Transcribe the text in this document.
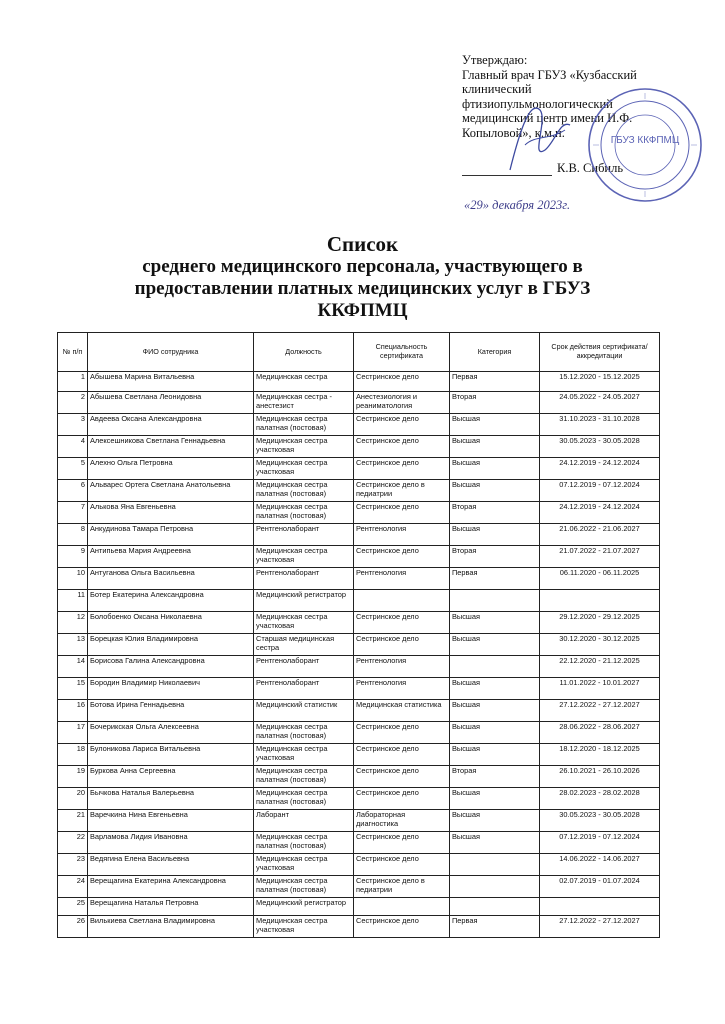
Утверждаю:
Главный врач ГБУЗ «Кузбасский
клинический
фтизиопульмонологический
медицинский центр имени И.Ф.
Копыловой», к.м.н.
К.В. Сибиль
«29» декабря 2023г.
ГБУЗ ККФПМЦ
Список
среднего медицинского персонала, участвующего в
предоставлении платных медицинских услуг в ГБУЗ
ККФПМЦ
№ п/п	ФИО сотрудника	Должность	Специальность сертификата	Категория	Срок действия сертификата/аккредитации
1	Абышева Марина Витальевна	Медицинская сестра	Сестринское дело	Первая	15.12.2020 - 15.12.2025
2	Абышева Светлана Леонидовна	Медицинская сестра - анестезист	Анестезиология и реаниматология	Вторая	24.05.2022 - 24.05.2027
3	Авдеева Оксана Александровна	Медицинская сестра палатная (постовая)	Сестринское дело	Высшая	31.10.2023 - 31.10.2028
4	Алексешникова Светлана Геннадьевна	Медицинская сестра участковая	Сестринское дело	Высшая	30.05.2023 - 30.05.2028
5	Алехно Ольга Петровна	Медицинская сестра участковая	Сестринское дело	Высшая	24.12.2019 - 24.12.2024
6	Альварес Ортега Светлана Анатольевна	Медицинская сестра палатная (постовая)	Сестринское дело в педиатрии	Высшая	07.12.2019 - 07.12.2024
7	Алькова Яна Евгеньевна	Медицинская сестра палатная (постовая)	Сестринское дело	Вторая	24.12.2019 - 24.12.2024
8	Анкудинова Тамара Петровна	Рентгенолаборант	Рентгенология	Высшая	21.06.2022 - 21.06.2027
9	Антипьева Мария Андреевна	Медицинская сестра участковая	Сестринское дело	Вторая	21.07.2022 - 21.07.2027
10	Антуганова Ольга Васильевна	Рентгенолаборант	Рентгенология	Первая	06.11.2020 - 06.11.2025
11	Ботер Екатерина Александровна	Медицинский регистратор			
12	Болобоенко Оксана Николаевна	Медицинская сестра участковая	Сестринское дело	Высшая	29.12.2020 - 29.12.2025
13	Борецкая Юлия Владимировна	Старшая медицинская сестра	Сестринское дело	Высшая	30.12.2020 - 30.12.2025
14	Борисова Галина Александровна	Рентгенолаборант	Рентгенология		22.12.2020 - 21.12.2025
15	Бородин Владимир Николаевич	Рентгенолаборант	Рентгенология	Высшая	11.01.2022 - 10.01.2027
16	Ботова Ирина Геннадьевна	Медицинский статистик	Медицинская статистика	Высшая	27.12.2022 - 27.12.2027
17	Бочерикская Ольга Алексеевна	Медицинская сестра палатная (постовая)	Сестринское дело	Высшая	28.06.2022 - 28.06.2027
18	Булоникова Лариса Витальевна	Медицинская сестра участковая	Сестринское дело	Высшая	18.12.2020 - 18.12.2025
19	Буркова Анна Сергеевна	Медицинская сестра палатная (постовая)	Сестринское дело	Вторая	26.10.2021 - 26.10.2026
20	Бычкова Наталья Валерьевна	Медицинская сестра палатная (постовая)	Сестринское дело	Высшая	28.02.2023 - 28.02.2028
21	Варечкина Нина Евгеньевна	Лаборант	Лабораторная диагностика	Высшая	30.05.2023 - 30.05.2028
22	Варламова Лидия Ивановна	Медицинская сестра палатная (постовая)	Сестринское дело	Высшая	07.12.2019 - 07.12.2024
23	Ведягина Елена Васильевна	Медицинская сестра участковая	Сестринское дело		14.06.2022 - 14.06.2027
24	Верещагина Екатерина Александровна	Медицинская сестра палатная (постовая)	Сестринское дело в педиатрии		02.07.2019 - 01.07.2024
25	Верещагина Наталья Петровна	Медицинский регистратор			
26	Вилькиева Светлана Владимировна	Медицинская сестра участковая	Сестринское дело	Первая	27.12.2022 - 27.12.2027
